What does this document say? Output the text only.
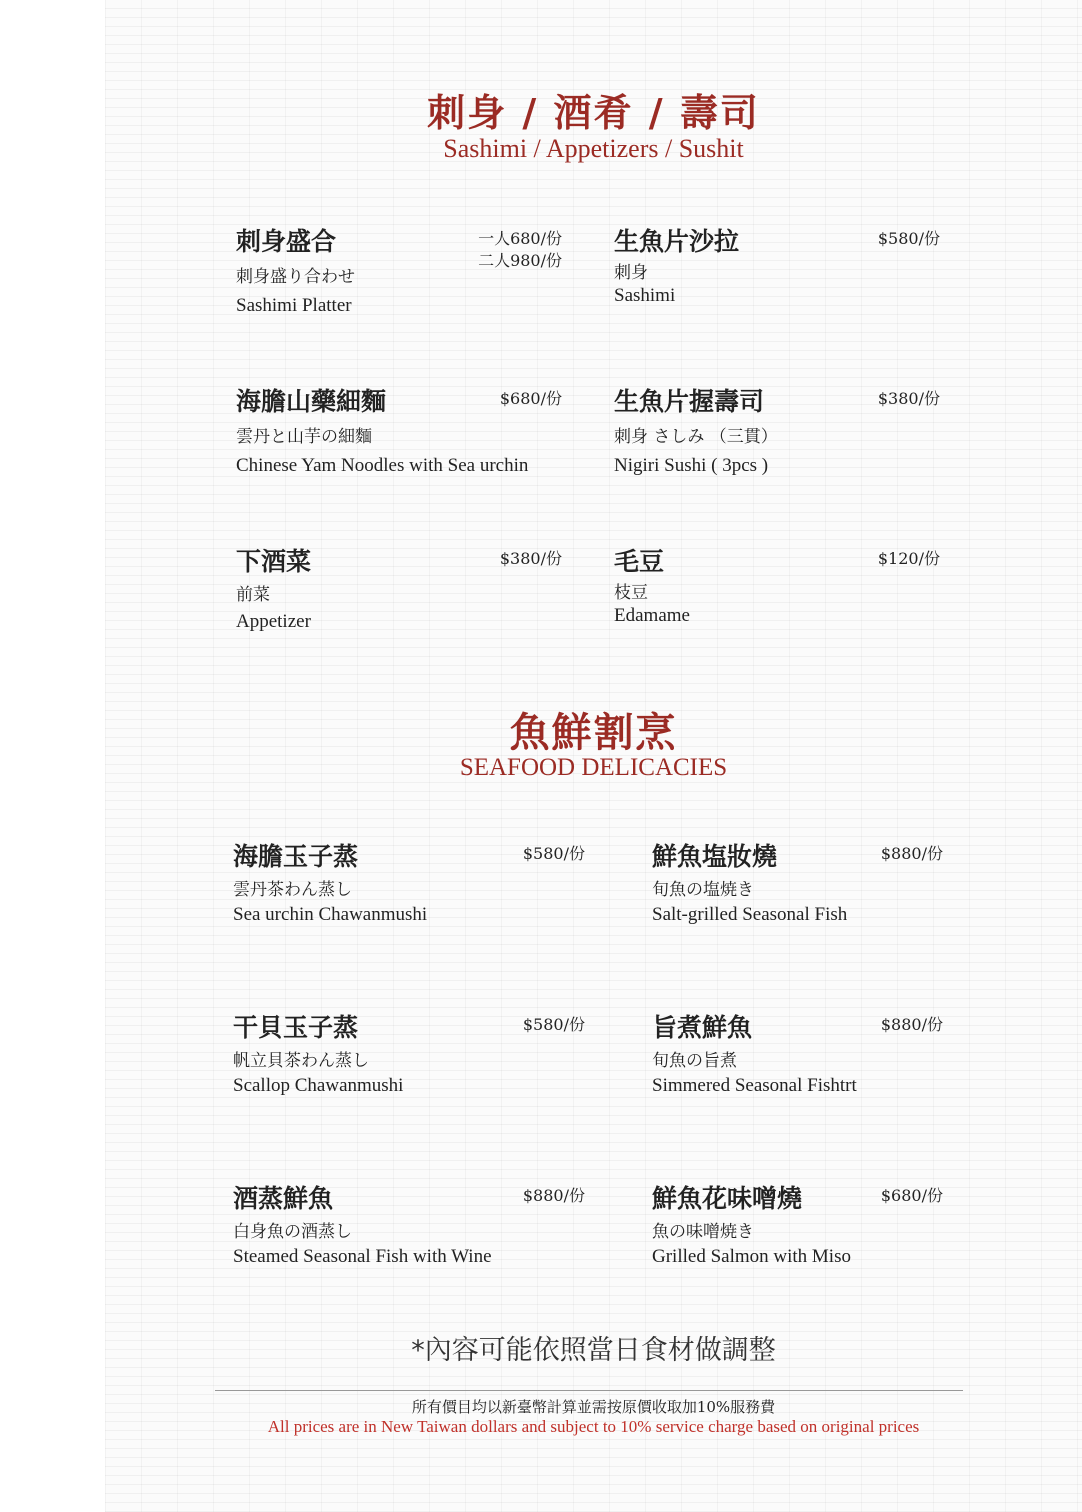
刺身 / 酒肴 / 壽司
Sashimi / Appetizers / Sushit
刺身盛合
刺身盛り合わせ
Sashimi Platter
一人680/份
二人980/份
生魚片沙拉
刺身
Sashimi
$580/份
海膽山藥細麵
雲丹と山芋の細麵
Chinese Yam Noodles with Sea urchin
$680/份 生魚片握壽司
刺身 さしみ （三貫）
Nigiri Sushi ( 3pcs )
$380/份
下酒菜
前菜
Appetizer
$380/份 毛豆
枝豆
Edamame
$120/份
魚鮮割烹
SEAFOOD DELICACIES
海膽玉子蒸
雲丹茶わん蒸し
Sea urchin Chawanmushi
$580/份	鮮魚塩妝燒
旬魚の塩焼き
Salt-grilled Seasonal Fish
$880/份
干貝玉子蒸
帆立貝茶わん蒸し
Scallop Chawanmushi
$580/份	旨煮鮮魚
旬魚の旨煮
Simmered Seasonal Fishtrt
$880/份
酒蒸鮮魚
白身魚の酒蒸し
Steamed Seasonal Fish with Wine
$880/份	鮮魚花味噌燒
魚の味噌焼き
Grilled Salmon with Miso
$680/份
*內容可能依照當日食材做調整
所有價目均以新臺幣計算並需按原價收取加10%服務費
All prices are in New Taiwan dollars and subject to 10% service charge based on original prices
